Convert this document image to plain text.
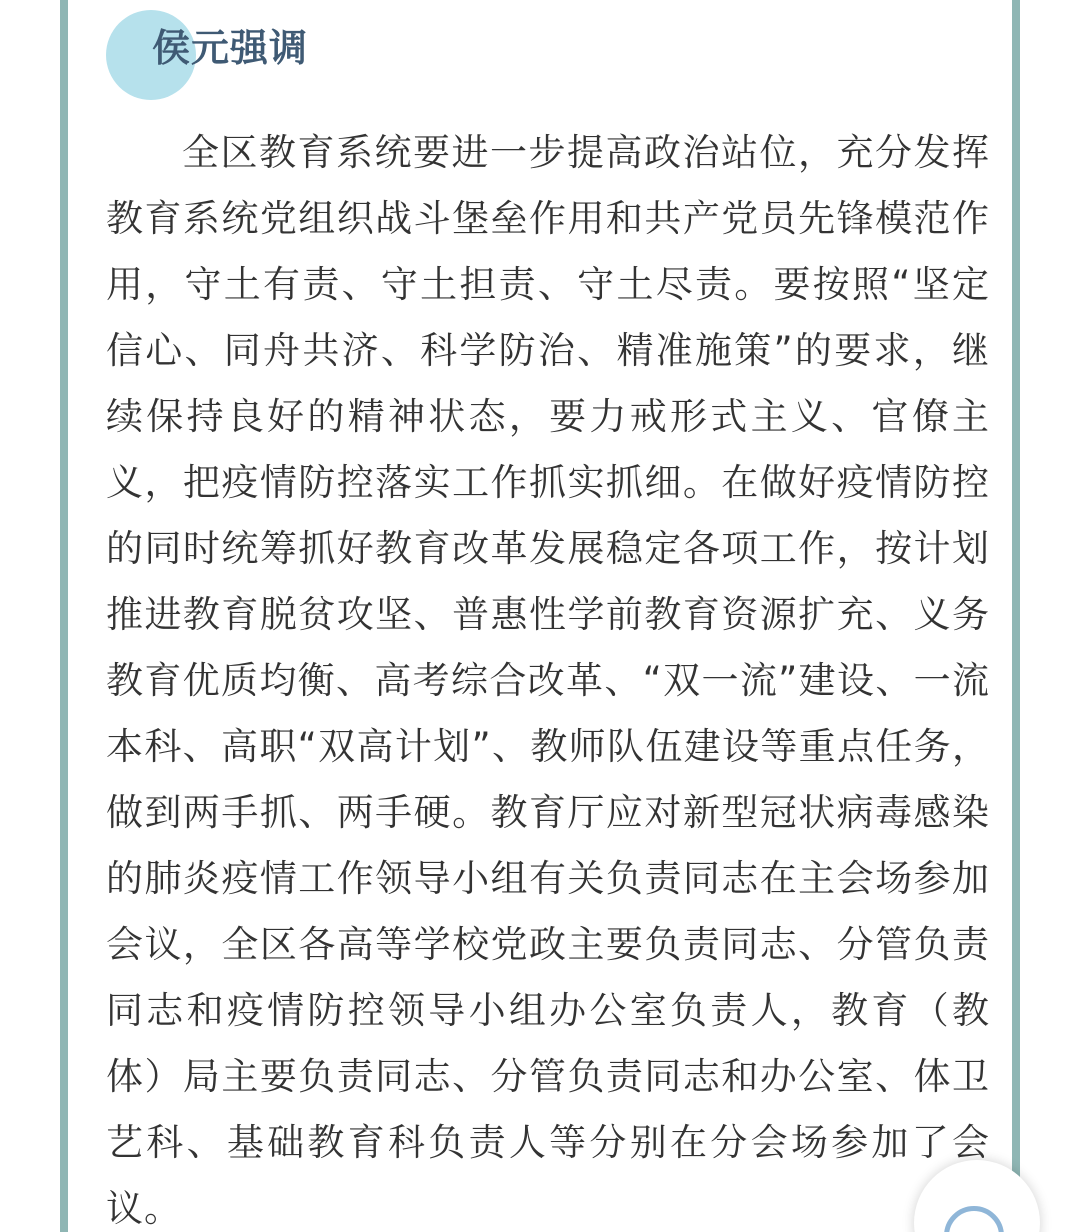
侯元强调

全区教育系统要进一步提高政治站位，充分发挥教育系统党组织战斗堡垒作用和共产党员先锋模范作用，守土有责、守土担责、守土尽责。要按照“坚定信心、同舟共济、科学防治、精准施策”的要求，继续保持良好的精神状态，要力戒形式主义、官僚主义，把疫情防控落实工作抓实抓细。在做好疫情防控的同时统筹抓好教育改革发展稳定各项工作，按计划推进教育脱贫攻坚、普惠性学前教育资源扩充、义务教育优质均衡、高考综合改革、“双一流”建设、一流本科、高职“双高计划”、教师队伍建设等重点任务，做到两手抓、两手硬。教育厅应对新型冠状病毒感染的肺炎疫情工作领导小组有关负责同志在主会场参加会议，全区各高等学校党政主要负责同志、分管负责同志和疫情防控领导小组办公室负责人，教育（教体）局主要负责同志、分管负责同志和办公室、体卫艺科、基础教育科负责人等分别在分会场参加了会议。
